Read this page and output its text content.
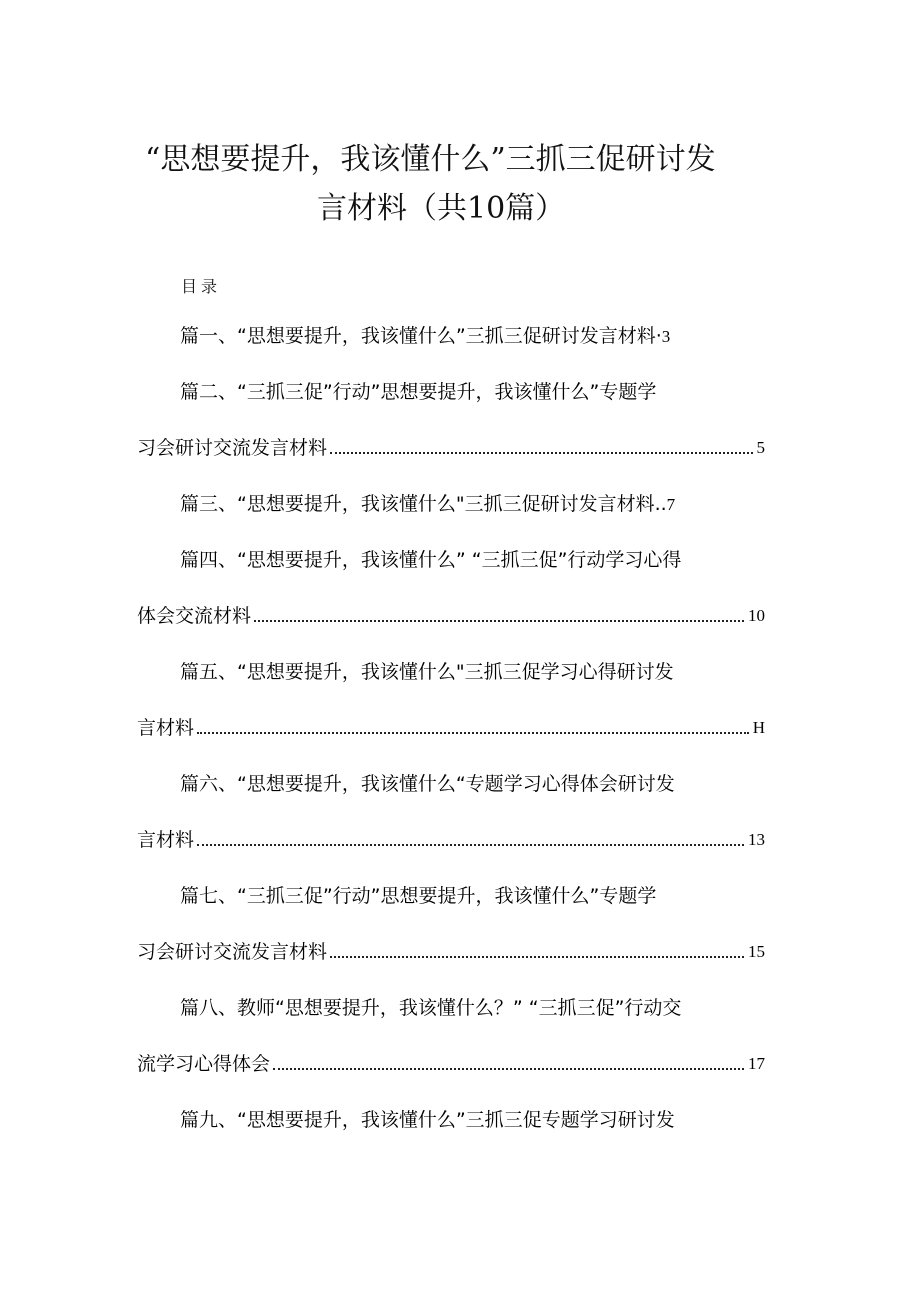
“思想要提升，我该懂什么”三抓三促研讨发
言材料（共10篇）
目录
篇一、“思想要提升，我该懂什么”三抓三促研讨发言材料·3
篇二、“三抓三促”行动”思想要提升，我该懂什么”专题学
习会研讨交流发言材料	5
篇三、“思想要提升，我该懂什么"三抓三促研讨发言材料..7
篇四、“思想要提升，我该懂什么” “三抓三促”行动学习心得
体会交流材料	10
篇五、“思想要提升，我该懂什么"三抓三促学习心得研讨发
言材料	H
篇六、“思想要提升，我该懂什么“专题学习心得体会研讨发
言材料	13
篇七、“三抓三促”行动”思想要提升，我该懂什么”专题学
习会研讨交流发言材料	15
篇八、教师“思想要提升，我该懂什么？” “三抓三促”行动交
流学习心得体会	17
篇九、“思想要提升，我该懂什么”三抓三促专题学习研讨发
